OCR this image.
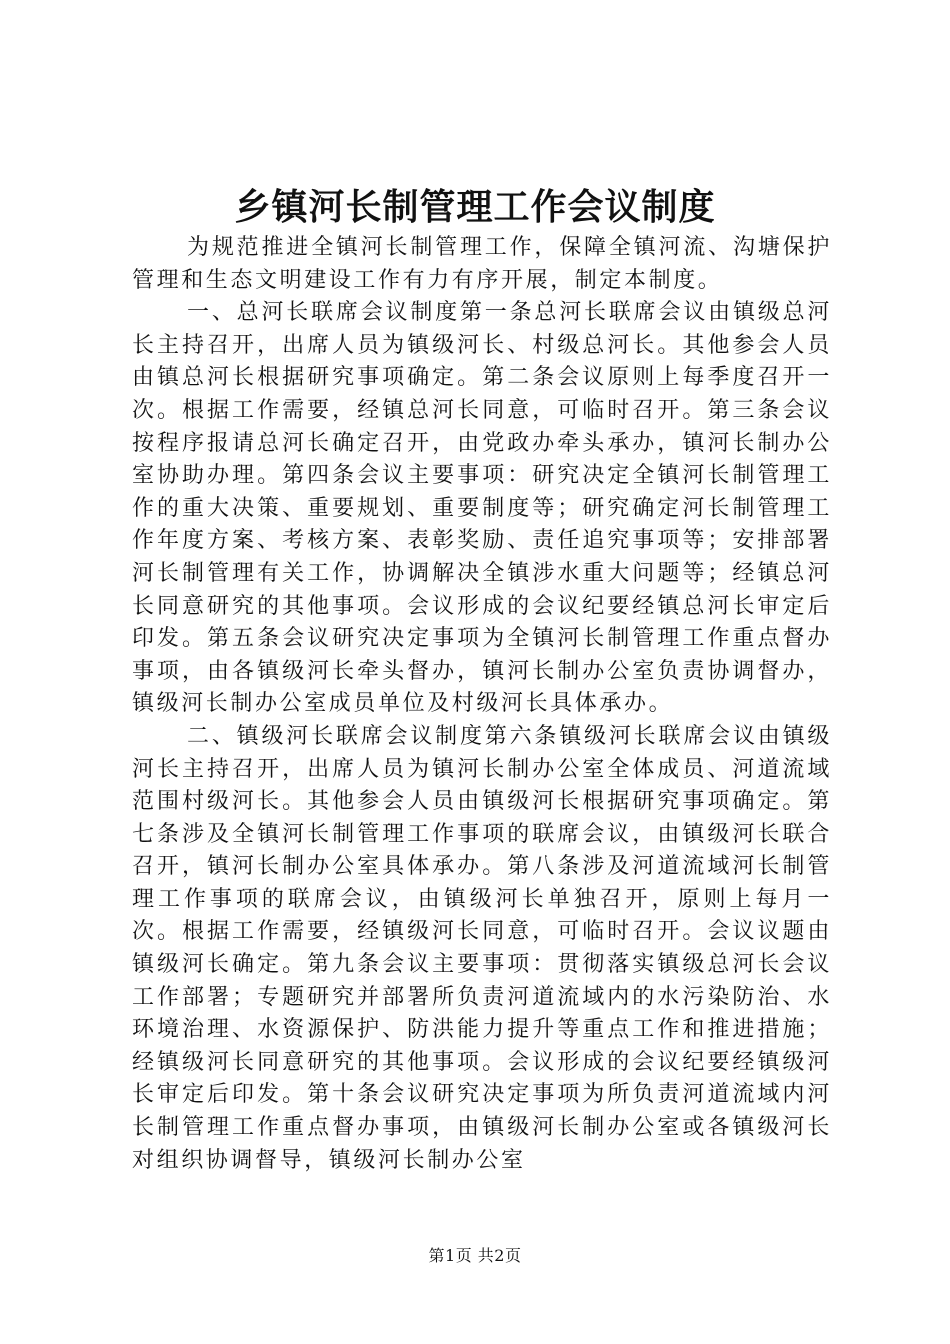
乡镇河长制管理工作会议制度

为规范推进全镇河长制管理工作，保障全镇河流、沟塘保护管理和生态文明建设工作有力有序开展，制定本制度。

一、总河长联席会议制度第一条总河长联席会议由镇级总河长主持召开，出席人员为镇级河长、村级总河长。其他参会人员由镇总河长根据研究事项确定。第二条会议原则上每季度召开一次。根据工作需要，经镇总河长同意，可临时召开。第三条会议按程序报请总河长确定召开，由党政办牵头承办，镇河长制办公室协助办理。第四条会议主要事项：研究决定全镇河长制管理工作的重大决策、重要规划、重要制度等；研究确定河长制管理工作年度方案、考核方案、表彰奖励、责任追究事项等；安排部署河长制管理有关工作，协调解决全镇涉水重大问题等；经镇总河长同意研究的其他事项。会议形成的会议纪要经镇总河长审定后印发。第五条会议研究决定事项为全镇河长制管理工作重点督办事项，由各镇级河长牵头督办，镇河长制办公室负责协调督办，镇级河长制办公室成员单位及村级河长具体承办。

二、镇级河长联席会议制度第六条镇级河长联席会议由镇级河长主持召开，出席人员为镇河长制办公室全体成员、河道流域范围村级河长。其他参会人员由镇级河长根据研究事项确定。第七条涉及全镇河长制管理工作事项的联席会议，由镇级河长联合召开，镇河长制办公室具体承办。第八条涉及河道流域河长制管理工作事项的联席会议，由镇级河长单独召开，原则上每月一次。根据工作需要，经镇级河长同意，可临时召开。会议议题由镇级河长确定。第九条会议主要事项：贯彻落实镇级总河长会议工作部署；专题研究并部署所负责河道流域内的水污染防治、水环境治理、水资源保护、防洪能力提升等重点工作和推进措施；经镇级河长同意研究的其他事项。会议形成的会议纪要经镇级河长审定后印发。第十条会议研究决定事项为所负责河道流域内河长制管理工作重点督办事项，由镇级河长制办公室或各镇级河长对组织协调督导，镇级河长制办公室

第1页 共2页
